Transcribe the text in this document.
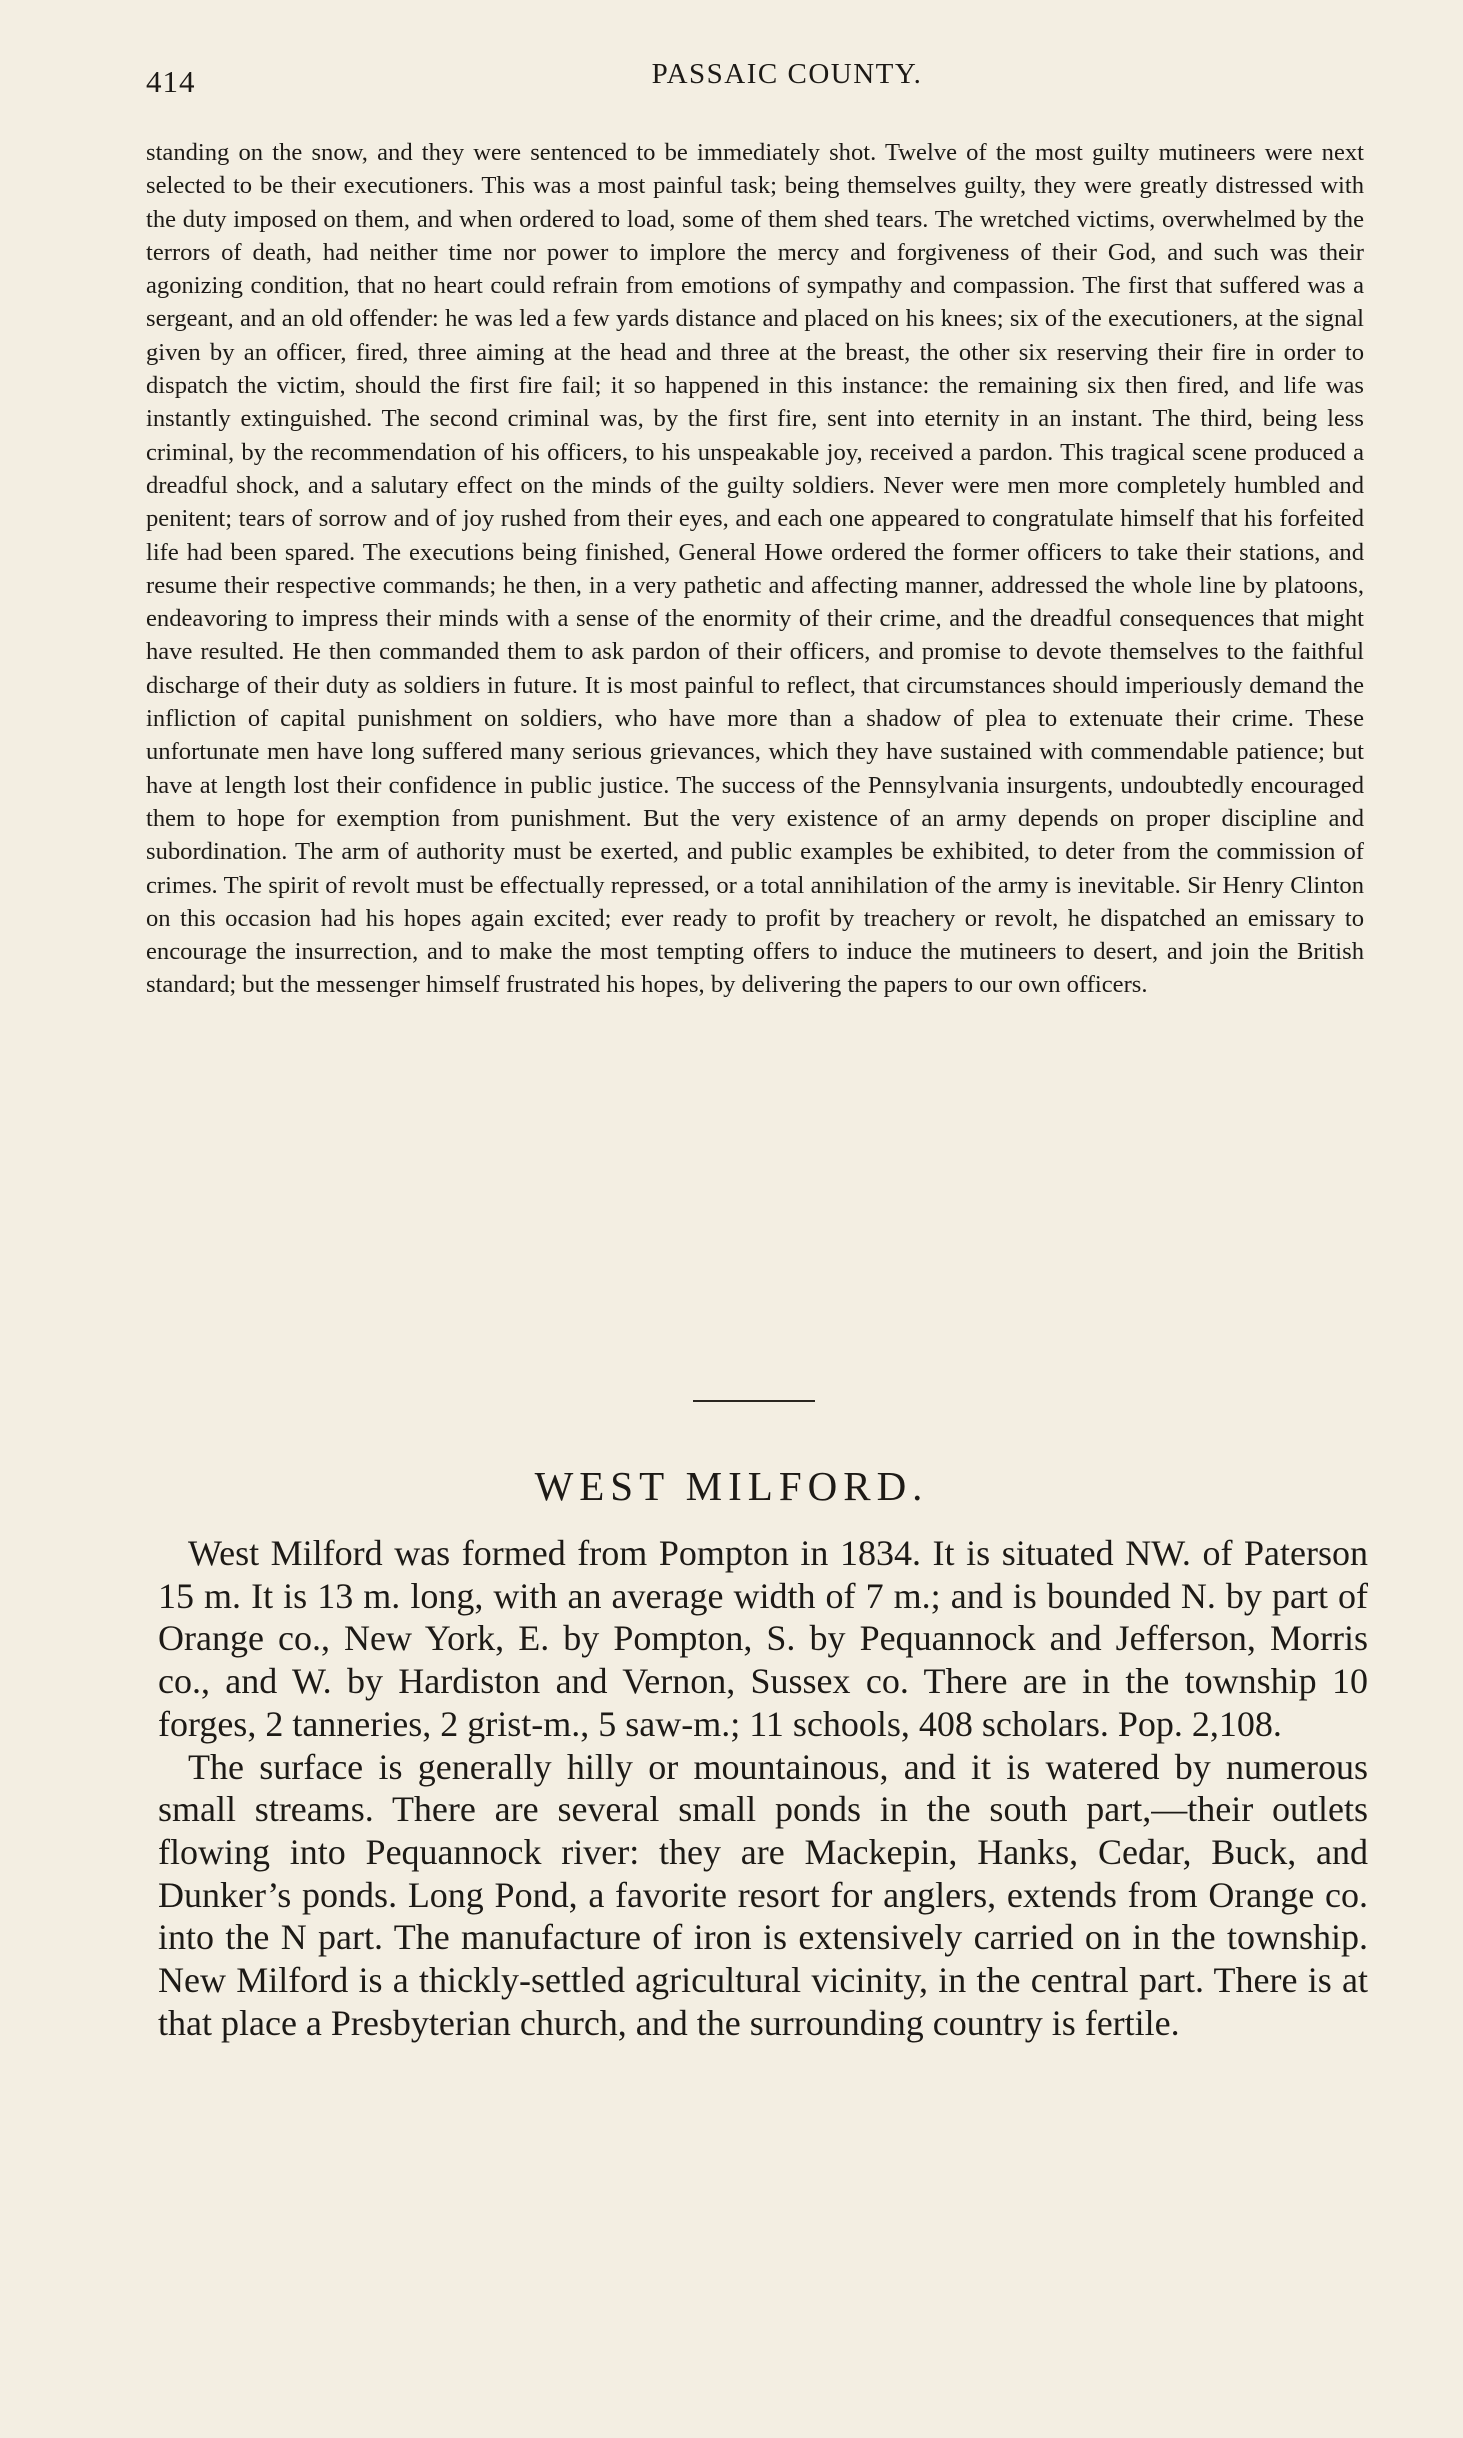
414	PASSAIC COUNTY.

standing on the snow, and they were sentenced to be immediately shot. Twelve of the most guilty mutineers were next selected to be their executioners. This was a most painful task; being themselves guilty, they were greatly distressed with the duty imposed on them, and when ordered to load, some of them shed tears. The wretched victims, overwhelmed by the terrors of death, had neither time nor power to implore the mercy and forgiveness of their God, and such was their agonizing condition, that no heart could refrain from emotions of sympathy and compassion. The first that suffered was a sergeant, and an old offender: he was led a few yards distance and placed on his knees; six of the executioners, at the signal given by an officer, fired, three aiming at the head and three at the breast, the other six reserving their fire in order to dispatch the victim, should the first fire fail; it so happened in this instance: the remaining six then fired, and life was instantly extinguished. The second criminal was, by the first fire, sent into eternity in an instant. The third, being less criminal, by the recommendation of his officers, to his unspeakable joy, received a pardon. This tragical scene produced a dreadful shock, and a salutary effect on the minds of the guilty soldiers. Never were men more completely humbled and penitent; tears of sorrow and of joy rushed from their eyes, and each one appeared to congratulate himself that his forfeited life had been spared. The executions being finished, General Howe ordered the former officers to take their stations, and resume their respective commands; he then, in a very pathetic and affecting manner, addressed the whole line by platoons, endeavoring to impress their minds with a sense of the enormity of their crime, and the dreadful consequences that might have resulted. He then commanded them to ask pardon of their officers, and promise to devote themselves to the faithful discharge of their duty as soldiers in future. It is most painful to reflect, that circumstances should imperiously demand the infliction of capital punishment on soldiers, who have more than a shadow of plea to extenuate their crime. These unfortunate men have long suffered many serious grievances, which they have sustained with commendable patience; but have at length lost their confidence in public justice. The success of the Pennsylvania insurgents, undoubtedly encouraged them to hope for exemption from punishment. But the very existence of an army depends on proper discipline and subordination. The arm of authority must be exerted, and public examples be exhibited, to deter from the commission of crimes. The spirit of revolt must be effectually repressed, or a total annihilation of the army is inevitable. Sir Henry Clinton on this occasion had his hopes again excited; ever ready to profit by treachery or revolt, he dispatched an emissary to encourage the insurrection, and to make the most tempting offers to induce the mutineers to desert, and join the British standard; but the messenger himself frustrated his hopes, by delivering the papers to our own officers.

WEST MILFORD.

West Milford was formed from Pompton in 1834. It is situated NW. of Paterson 15 m. It is 13 m. long, with an average width of 7 m.; and is bounded N. by part of Orange co., New York, E. by Pompton, S. by Pequannock and Jefferson, Morris co., and W. by Hardiston and Vernon, Sussex co. There are in the township 10 forges, 2 tanneries, 2 grist-m., 5 saw-m.; 11 schools, 408 scholars. Pop. 2,108.

The surface is generally hilly or mountainous, and it is watered by numerous small streams. There are several small ponds in the south part,—their outlets flowing into Pequannock river: they are Mackepin, Hanks, Cedar, Buck, and Dunker’s ponds. Long Pond, a favorite resort for anglers, extends from Orange co. into the N part. The manufacture of iron is extensively carried on in the township. New Milford is a thickly-settled agricultural vicinity, in the central part. There is at that place a Presbyterian church, and the surrounding country is fertile.
